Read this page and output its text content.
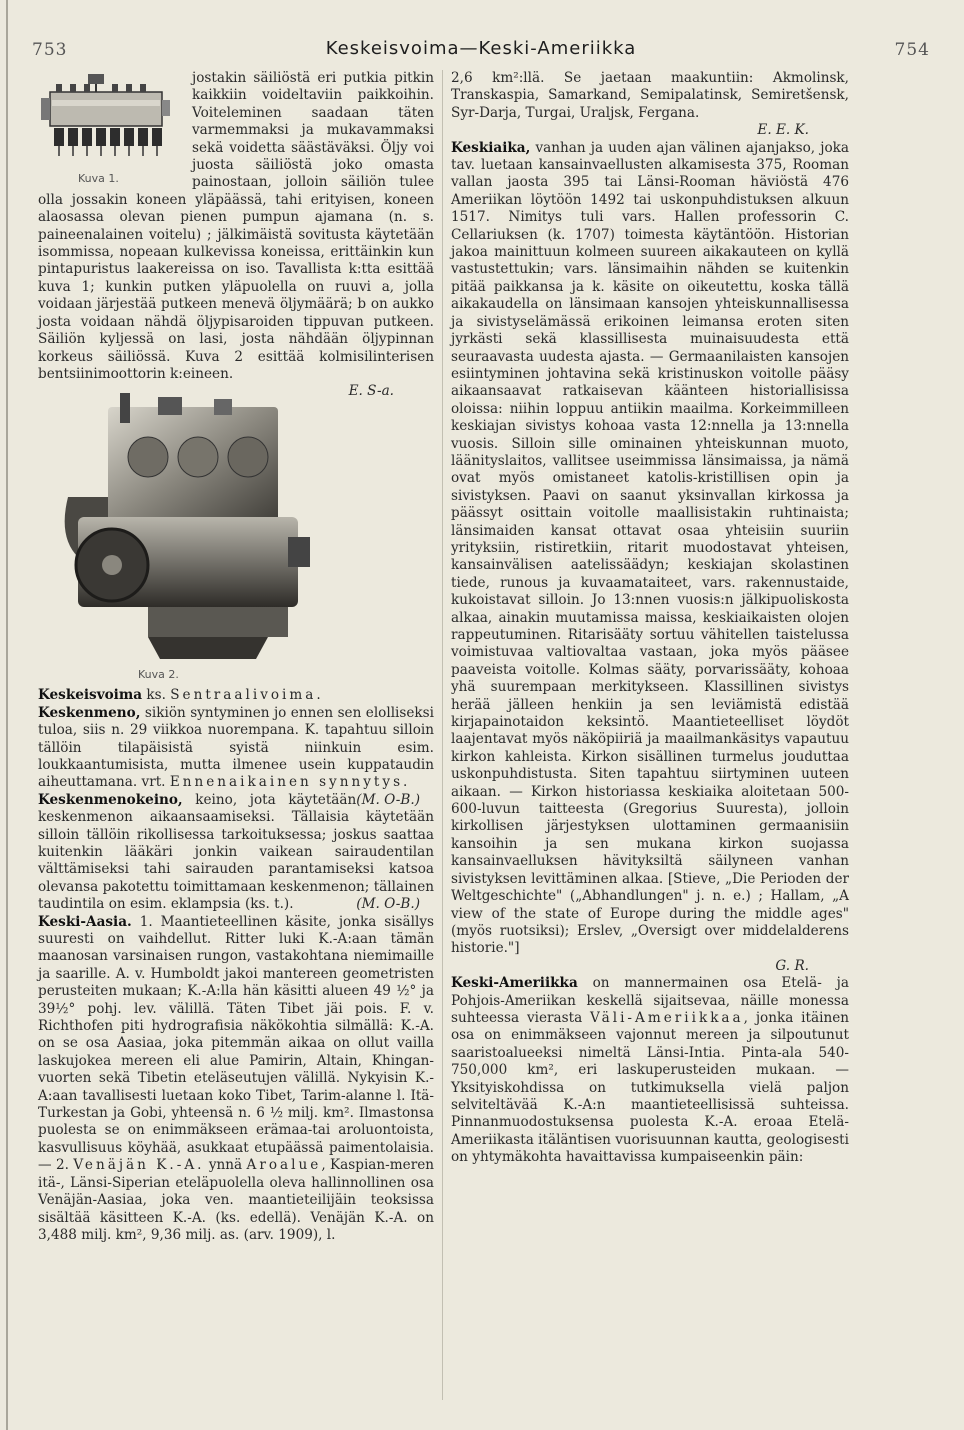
753	Keskeisvoima—Keski-Ameriikka	754
Kuva 1.

jostakin säiliöstä eri putkia pitkin kaikkiin voideltaviin paikkoihin. Voiteleminen saadaan täten varmemmaksi ja mukavammaksi sekä voidetta säästäväksi. Öljy voi juosta säiliöstä joko omasta painostaan, jolloin säiliön tulee olla jossakin koneen yläpäässä, tahi erityisen, koneen alaosassa olevan pienen pumpun ajamana (n. s. paineenalainen voitelu) ; jälkimäistä sovitusta käytetään isommissa, nopeaan kulkevissa koneissa, erittäinkin kun pintapuristus laakereissa on iso. Tavallista k:tta esittää kuva 1; kunkin putken yläpuolella on ruuvi a, jolla voidaan järjestää putkeen menevä öljymäärä; b on aukko josta voidaan nähdä öljypisaroiden tippuvan putkeen. Säiliön kyljessä on lasi, josta nähdään öljypinnan korkeus säiliössä. Kuva 2 esittää kolmisilinterisen bentsiinimoottorin k:eineen.

Kuva 2.

E. S-a.

Keskeisvoima ks. Sentraalivoima.

Keskenmeno, sikiön syntyminen jo ennen sen elolliseksi tuloa, siis n. 29 viikkoa nuorempana. K. tapahtuu silloin tällöin tilapäisistä syistä niinkuin esim. loukkaantumisista, mutta ilmenee usein kuppataudin aiheuttamana. vrt. Ennenaikainen synnytys.
(M. O-B.)

Keskenmenokeino, keino, jota käytetään keskenmenon aikaansaamiseksi. Tällaisia käytetään silloin tällöin rikollisessa tarkoituksessa; joskus saattaa kuitenkin lääkäri jonkin vaikean sairaudentilan välttämiseksi tahi sairauden parantamiseksi katsoa olevansa pakotettu toimittamaan keskenmenon; tällainen taudintila on esim. eklampsia (ks. t.).	(M. O-B.)

Keski-Aasia. 1. Maantieteellinen käsite, jonka sisällys suuresti on vaihdellut. Ritter luki K.-A:aan tämän maanosan varsinaisen rungon, vastakohtana niemimaille ja saarille. A. v. Humboldt jakoi mantereen geometristen perusteiten mukaan; K.-A:lla hän käsitti alueen 49 ½° ja 39½° pohj. lev. välillä. Täten Tibet jäi pois. F. v. Richthofen piti hydrografisia näkökohtia silmällä: K.-A. on se osa Aasiaa, joka pitemmän aikaa on ollut vailla laskujokea mereen eli alue Pamirin, Altain, Khingan-vuorten sekä Tibetin eteläseutujen välillä. Nykyisin K.-A:aan tavallisesti luetaan koko Tibet, Tarim-alanne l. Itä-Turkestan ja Gobi, yhteensä n. 6 ½ milj. km². Ilmastonsa puolesta se on enimmäkseen erämaa-tai aroluontoista, kasvullisuus köyhää, asukkaat etupäässä paimentolaisia. — 2. Venäjän K.-A. ynnä Aroalue, Kaspian-meren itä-, Länsi-Siperian eteläpuolella oleva hallinnollinen osa Venäjän-Aasiaa, joka ven. maantieteilijäin teoksissa sisältää käsitteen K.-A. (ks. edellä). Venäjän K.-A. on 3,488 milj. km², 9,36 milj. as. (arv. 1909), l.

2,6 km²:llä. Se jaetaan maakuntiin: Akmolinsk, Transkaspia, Samarkand, Semipalatinsk, Semiretšensk, Syr-Darja, Turgai, Uraljsk, Fergana.

E. E. K.

Keskiaika, vanhan ja uuden ajan välinen ajanjakso, joka tav. luetaan kansainvaellusten alkamisesta 375, Rooman vallan jaosta 395 tai Länsi-Rooman häviöstä 476 Ameriikan löytöön 1492 tai uskonpuhdistuksen alkuun 1517. Nimitys tuli vars. Hallen professorin C. Cellariuksen (k. 1707) toimesta käytäntöön. Historian jakoa mainittuun kolmeen suureen aikakauteen on kyllä vastustettukin; vars. länsimaihin nähden se kuitenkin pitää paikkansa ja k. käsite on oikeutettu, koska tällä aikakaudella on länsimaan kansojen yhteiskunnallisessa ja sivistyselämässä erikoinen leimansa eroten siten jyrkästi sekä klassillisesta muinaisuudesta että seuraavasta uudesta ajasta. — Germaanilaisten kansojen esiintyminen johtavina sekä kristinuskon voitolle pääsy aikaansaavat ratkaisevan käänteen historiallisissa oloissa: niihin loppuu antiikin maailma. Korkeimmilleen keskiajan sivistys kohoaa vasta 12:nnella ja 13:nnella vuosis. Silloin sille ominainen yhteiskunnan muoto, läänityslaitos, vallitsee useimmissa länsimaissa, ja nämä ovat myös omistaneet katolis-kristillisen opin ja sivistyksen. Paavi on saanut yksinvallan kirkossa ja päässyt osittain voitolle maallisistakin ruhtinaista; länsimaiden kansat ottavat osaa yhteisiin suuriin yrityksiin, ristiretkiin, ritarit muodostavat yhteisen, kansainvälisen aatelissäädyn; keskiajan skolastinen tiede, runous ja kuvaamataiteet, vars. rakennustaide, kukoistavat silloin. Jo 13:nnen vuosis:n jälkipuoliskosta alkaa, ainakin muutamissa maissa, keskiaikaisten olojen rappeutuminen. Ritarisääty sortuu vähitellen taistelussa voimistuvaa valtiovaltaa vastaan, joka myös pääsee paaveista voitolle. Kolmas sääty, porvarissääty, kohoaa yhä suurempaan merkitykseen. Klassillinen sivistys herää jälleen henkiin ja sen leviämistä edistää kirjapainotaidon keksintö. Maantieteelliset löydöt laajentavat myös näköpiiriä ja maailmankäsitys vapautuu kirkon kahleista. Kirkon sisällinen turmelus jouduttaa uskonpuhdistusta. Siten tapahtuu siirtyminen uuteen aikaan. — Kirkon historiassa keskiaika aloitetaan 500-600-luvun taitteesta (Gregorius Suuresta), jolloin kirkollisen järjestyksen ulottaminen germaanisiin kansoihin ja sen mukana kirkon suojassa kansainvaelluksen hävityksiltä säilyneen vanhan sivistyksen levittäminen alkaa. [Stieve, „Die Perioden der Weltgeschichte" („Abhandlungen" j. n. e.) ; Hallam, „A view of the state of Europe during the middle ages" (myös ruotsiksi); Erslev, „Oversigt over middelalderens historie."]

G. R.

Keski-Ameriikka on mannermainen osa Etelä- ja Pohjois-Ameriikan keskellä sijaitsevaa, näille monessa suhteessa vierasta Väli-Ameriikkaa, jonka itäinen osa on enimmäkseen vajonnut mereen ja silpoutunut saaristoalueeksi nimeltä Länsi-Intia. Pinta-ala 540-750,000 km², eri laskuperusteiden mukaan. — Yksityiskohdissa on tutkimuksella vielä paljon selviteltävää K.-A:n maantieteellisissä suhteissa. Pinnanmuodostuksensa puolesta K.-A. eroaa Etelä-Ameriikasta itäläntisen vuorisuunnan kautta, geologisesti on yhtymäkohta havaittavissa kumpaiseenkin päin:
